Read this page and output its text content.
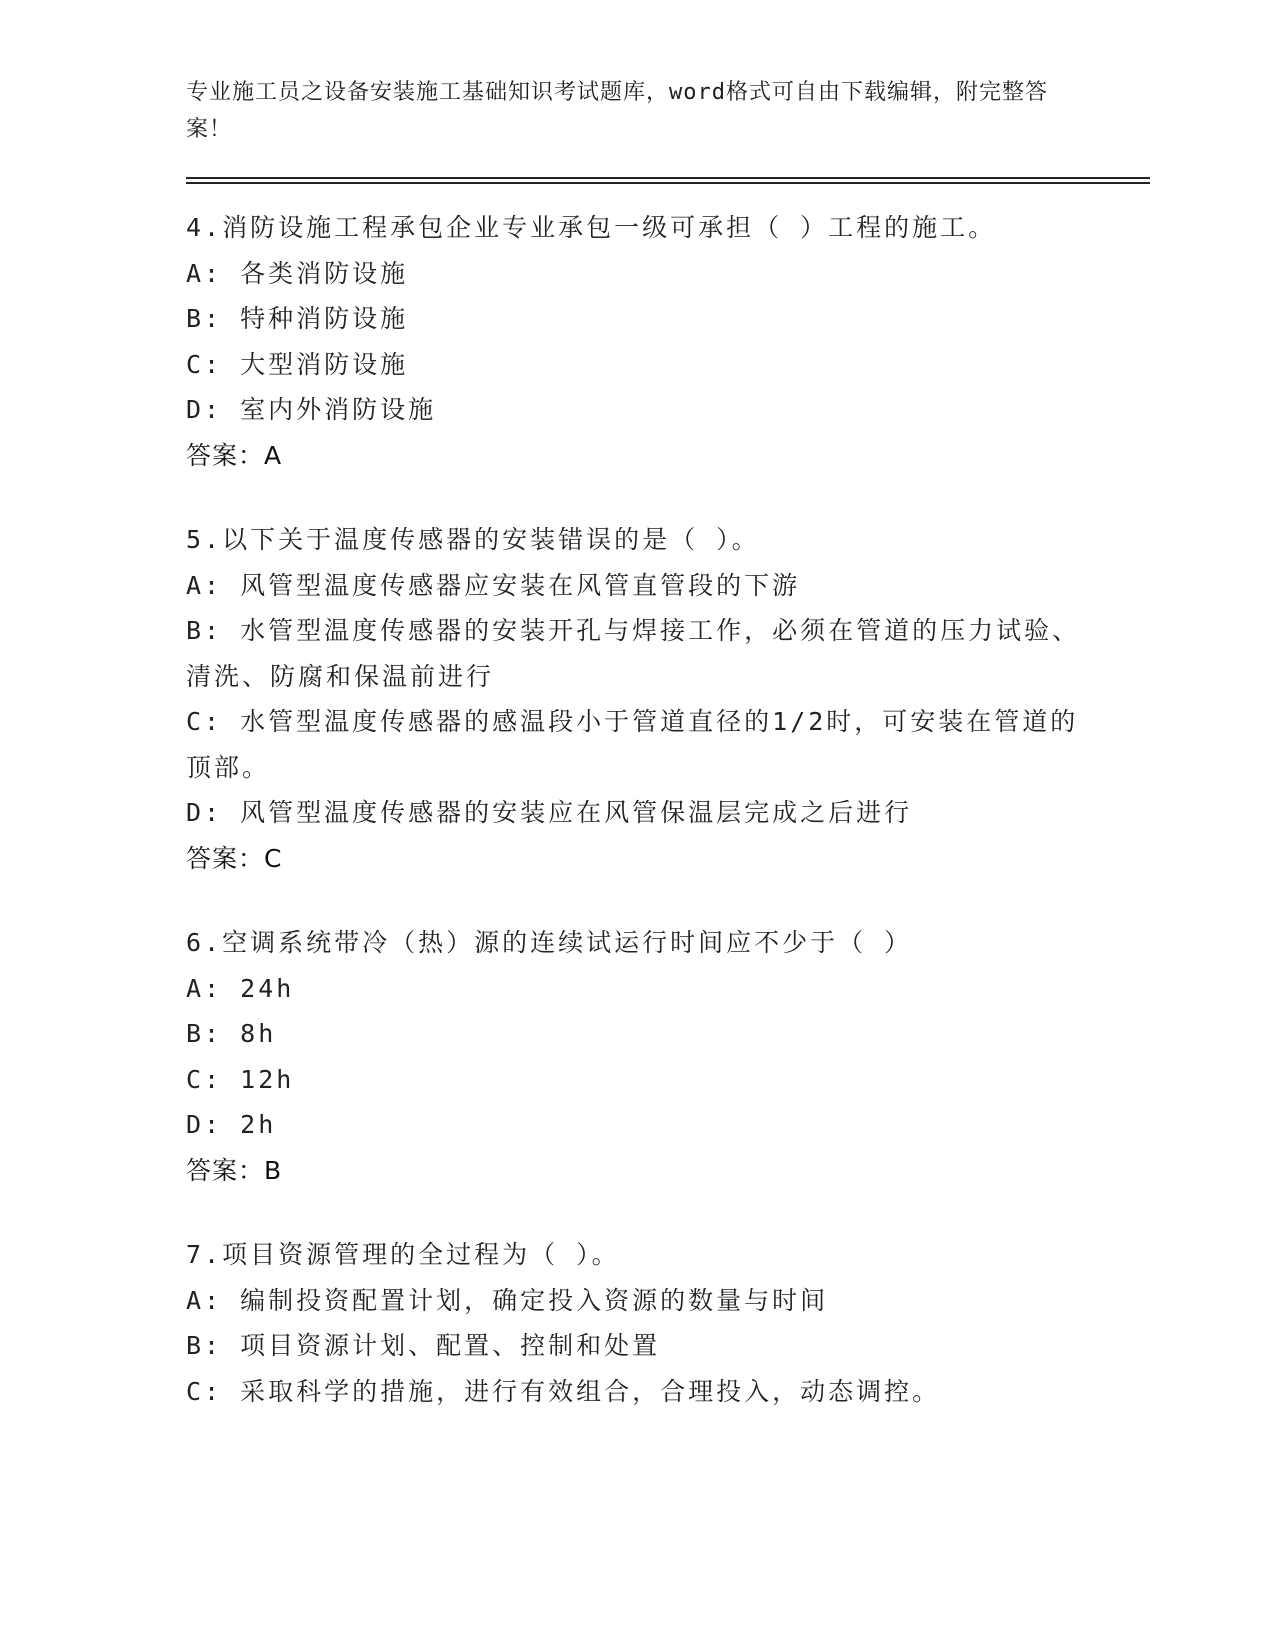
专业施工员之设备安装施工基础知识考试题库，word格式可自由下载编辑，附完整答案！
4.消防设施工程承包企业专业承包一级可承担（ ）工程的施工。
A: 各类消防设施
B: 特种消防设施
C: 大型消防设施
D: 室内外消防设施
答案：A
5.以下关于温度传感器的安装错误的是（ ）。
A: 风管型温度传感器应安装在风管直管段的下游
B: 水管型温度传感器的安装开孔与焊接工作，必须在管道的压力试验、清洗、防腐和保温前进行
C: 水管型温度传感器的感温段小于管道直径的1/2时，可安装在管道的顶部。
D: 风管型温度传感器的安装应在风管保温层完成之后进行
答案：C
6.空调系统带冷（热）源的连续试运行时间应不少于（ ）
A: 24h
B: 8h
C: 12h
D: 2h
答案：B
7.项目资源管理的全过程为（ ）。
A: 编制投资配置计划，确定投入资源的数量与时间
B: 项目资源计划、配置、控制和处置
C: 采取科学的措施，进行有效组合，合理投入，动态调控。
